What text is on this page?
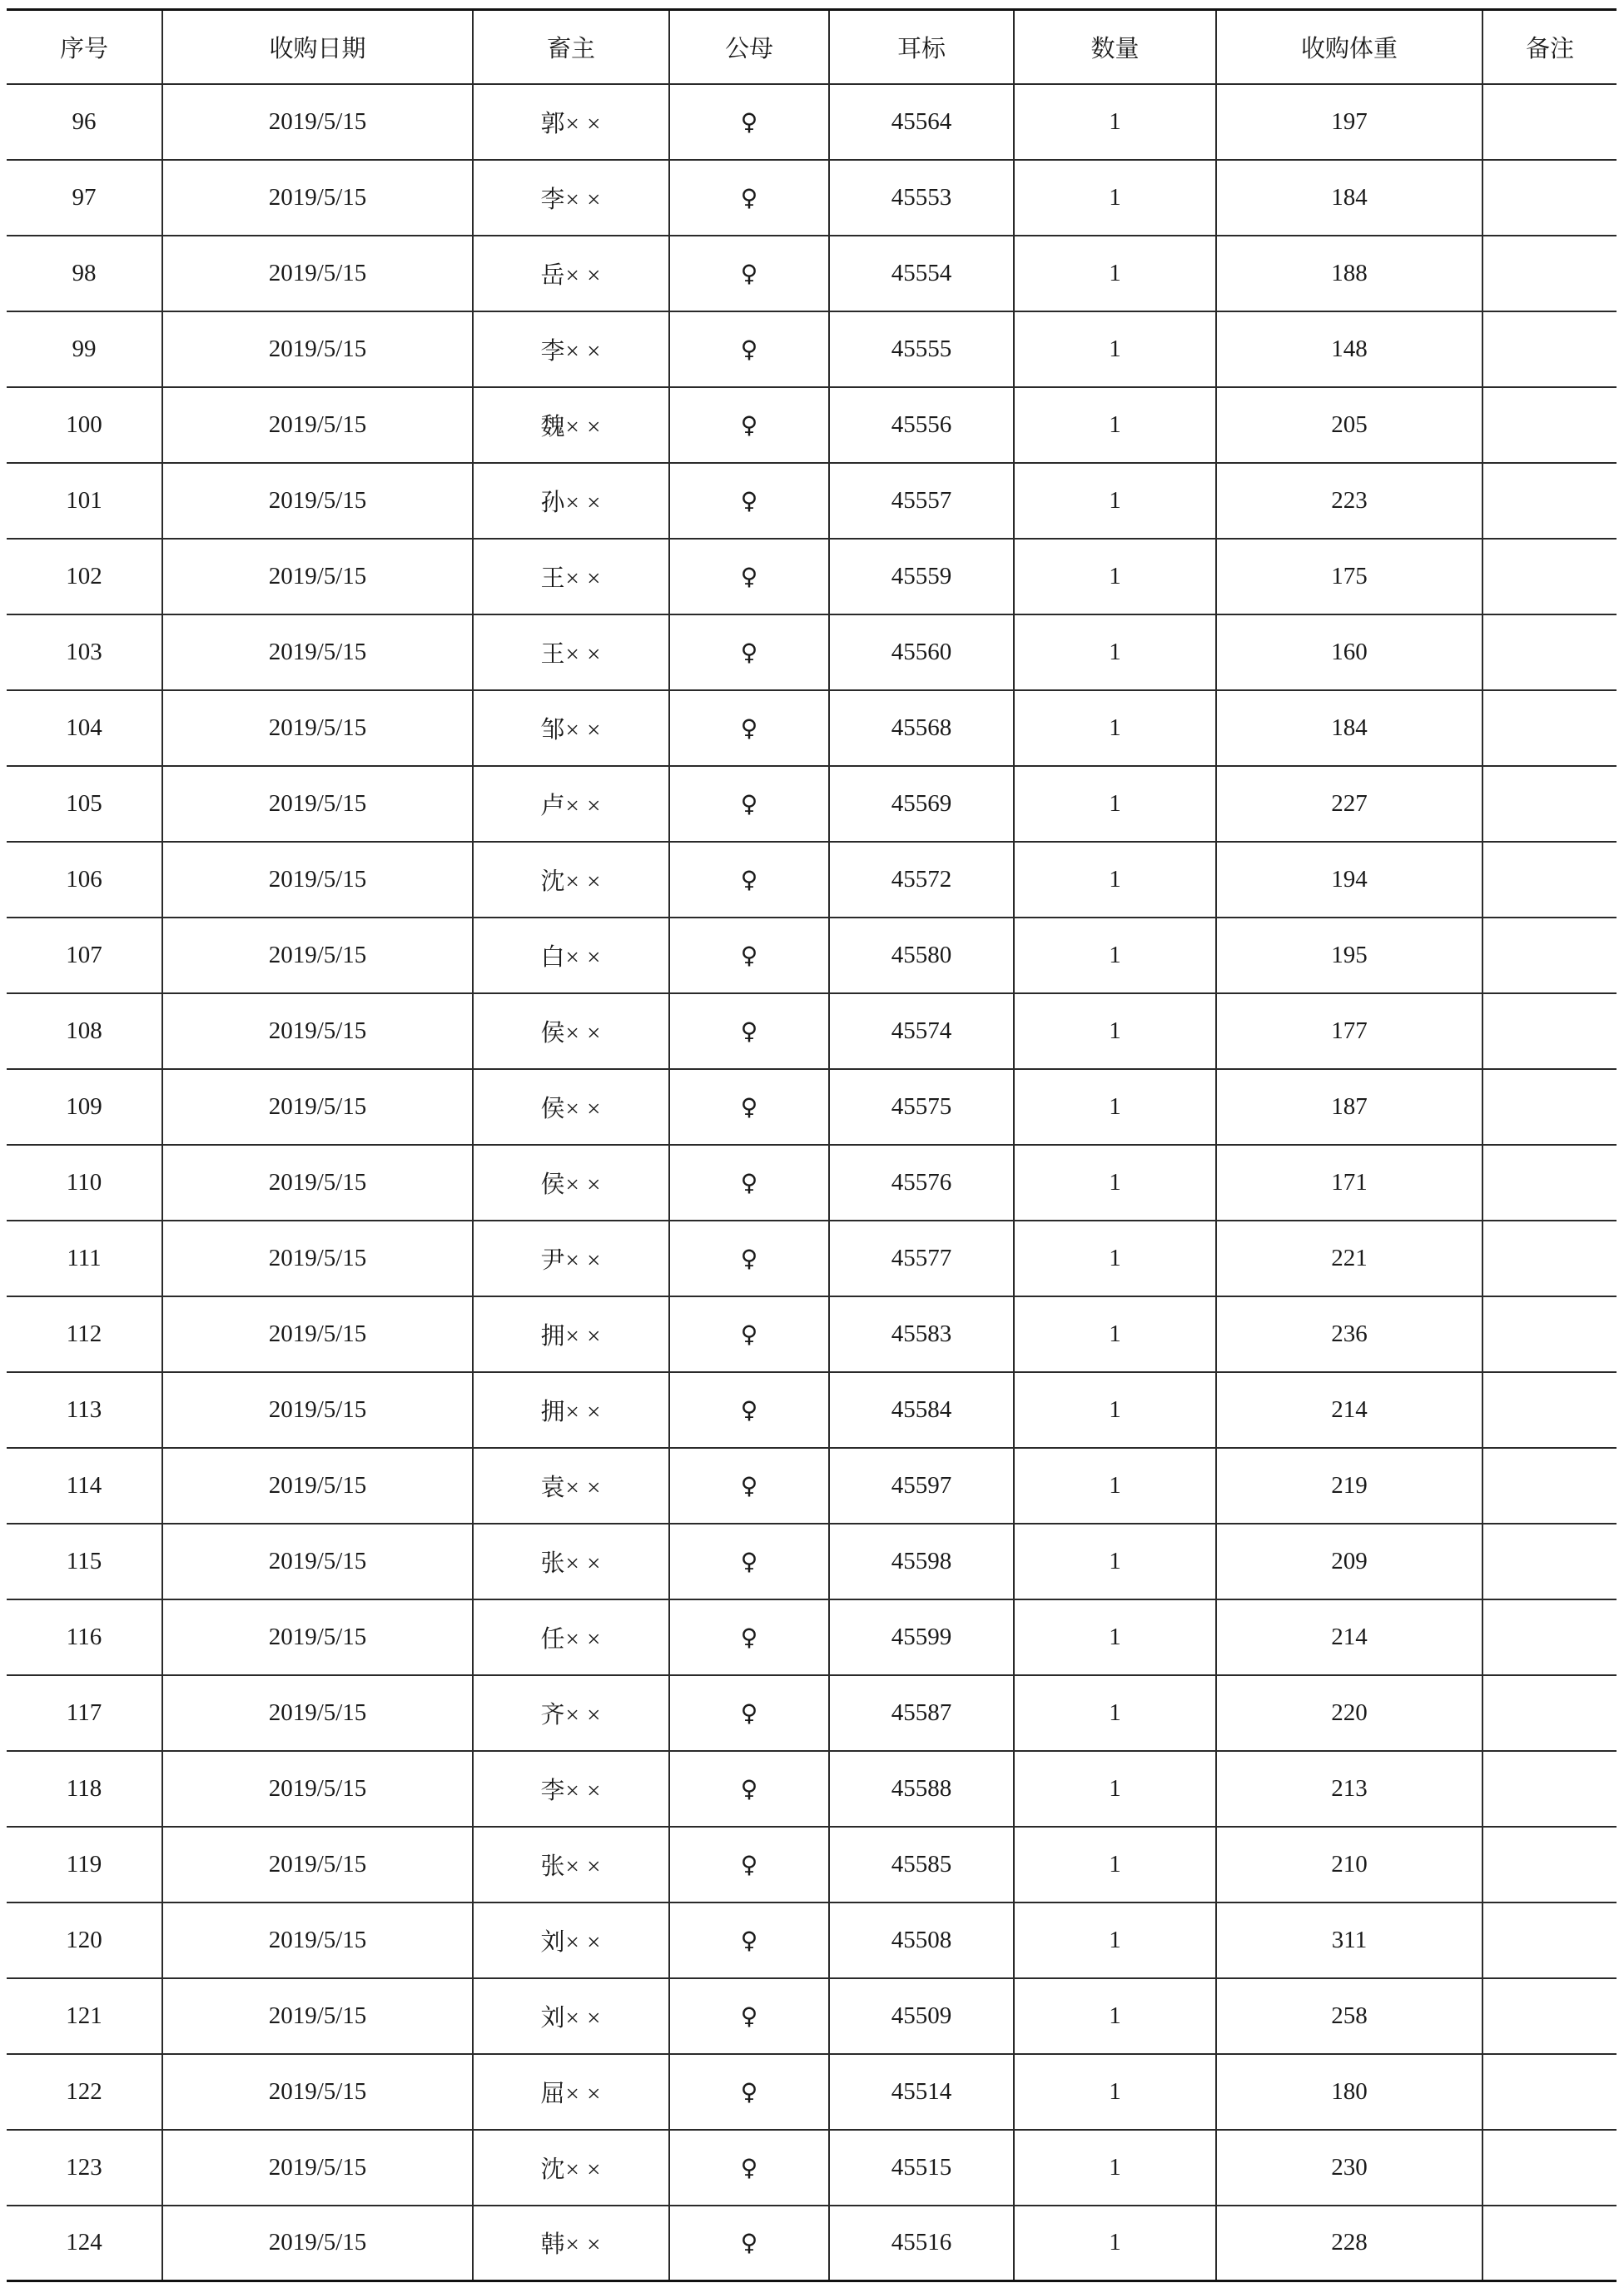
序号	收购日期	畜主	公母	耳标	数量	收购体重	备注
96	2019/5/15	郭× ×	♀	45564	1	197	
97	2019/5/15	李× ×	♀	45553	1	184	
98	2019/5/15	岳× ×	♀	45554	1	188	
99	2019/5/15	李× ×	♀	45555	1	148	
100	2019/5/15	魏× ×	♀	45556	1	205	
101	2019/5/15	孙× ×	♀	45557	1	223	
102	2019/5/15	王× ×	♀	45559	1	175	
103	2019/5/15	王× ×	♀	45560	1	160	
104	2019/5/15	邹× ×	♀	45568	1	184	
105	2019/5/15	卢× ×	♀	45569	1	227	
106	2019/5/15	沈× ×	♀	45572	1	194	
107	2019/5/15	白× ×	♀	45580	1	195	
108	2019/5/15	侯× ×	♀	45574	1	177	
109	2019/5/15	侯× ×	♀	45575	1	187	
110	2019/5/15	侯× ×	♀	45576	1	171	
111	2019/5/15	尹× ×	♀	45577	1	221	
112	2019/5/15	拥× ×	♀	45583	1	236	
113	2019/5/15	拥× ×	♀	45584	1	214	
114	2019/5/15	袁× ×	♀	45597	1	219	
115	2019/5/15	张× ×	♀	45598	1	209	
116	2019/5/15	任× ×	♀	45599	1	214	
117	2019/5/15	齐× ×	♀	45587	1	220	
118	2019/5/15	李× ×	♀	45588	1	213	
119	2019/5/15	张× ×	♀	45585	1	210	
120	2019/5/15	刘× ×	♀	45508	1	311	
121	2019/5/15	刘× ×	♀	45509	1	258	
122	2019/5/15	屈× ×	♀	45514	1	180	
123	2019/5/15	沈× ×	♀	45515	1	230	
124	2019/5/15	韩× ×	♀	45516	1	228	
